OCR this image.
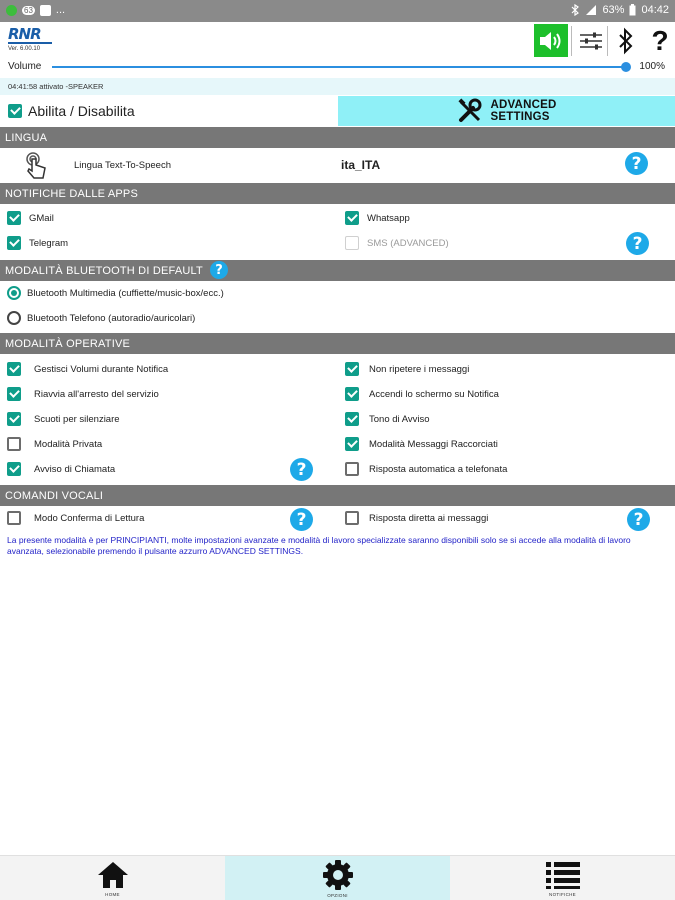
63 ...	63% 04:42
RNR
Ver. 6.00.10	?
Volume	100%
04:41:58 attivato -SPEAKER
Abilita / Disabilita	ADVANCED
SETTINGS
LINGUA
Lingua Text-To-Speech	ita_ITA	?
NOTIFICHE DALLE APPS
GMail	Whatsapp
Telegram	SMS (ADVANCED)	?
MODALITÀ BLUETOOTH DI DEFAULT ?
Bluetooth Multimedia (cuffiette/music-box/ecc.)
Bluetooth Telefono (autoradio/auricolari)
MODALITÀ OPERATIVE
Gestisci Volumi durante Notifica	Non ripetere i messaggi
Riavvia all'arresto del servizio	Accendi lo schermo su Notifica
Scuoti per silenziare	Tono di Avviso
Modalità Privata	Modalità Messaggi Raccorciati
Avviso di Chiamata	?	Risposta automatica a telefonata
COMANDI VOCALI
Modo Conferma di Lettura	?	Risposta diretta ai messaggi	?
La presente modalità è per PRINCIPIANTI, molte impostazioni avanzate e modalità di lavoro specializzate saranno disponibili solo se si accede alla modalità di lavoro avanzata, selezionabile premendo il pulsante azzurro ADVANCED SETTINGS.
HOME	OPZIONI	NOTIFICHE
